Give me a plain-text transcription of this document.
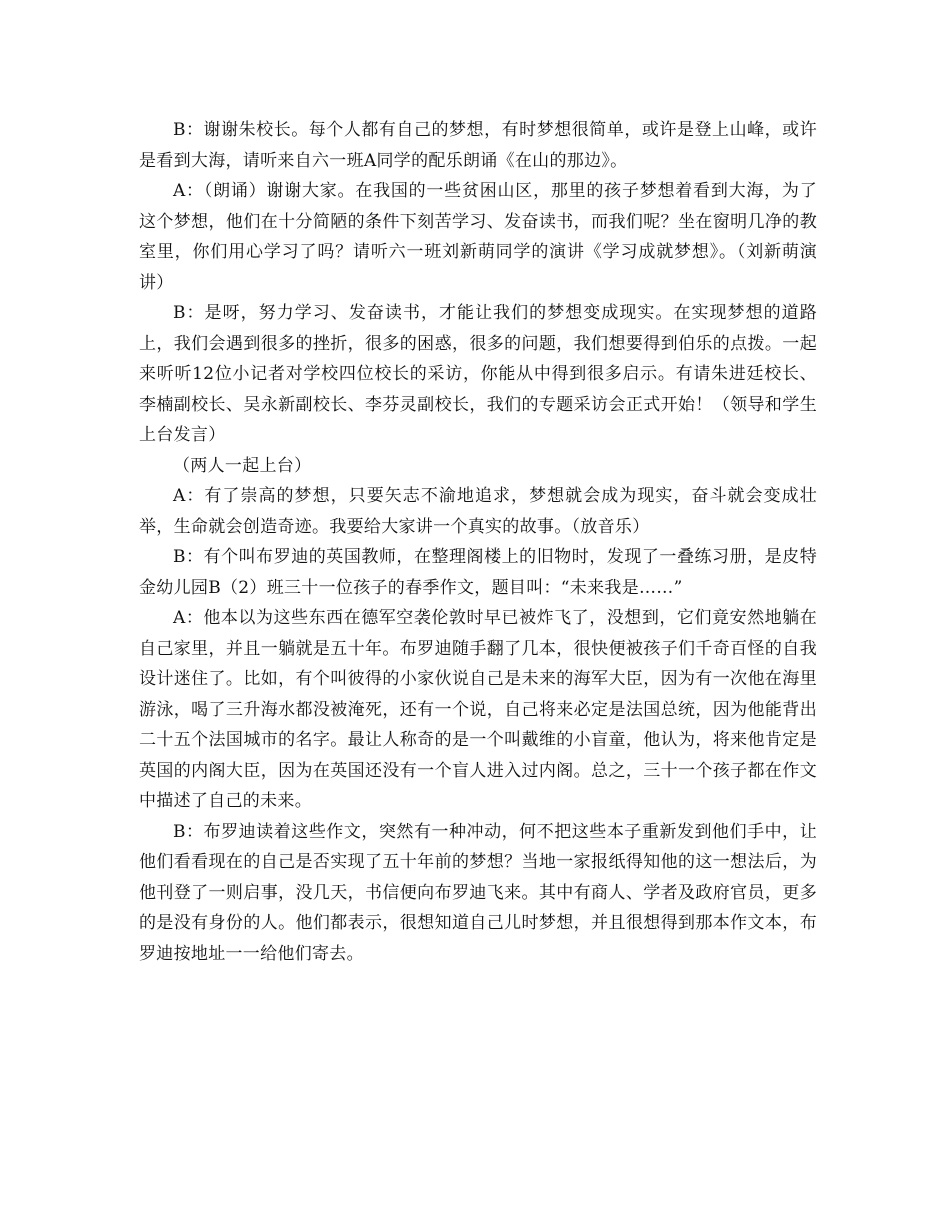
B：谢谢朱校长。每个人都有自己的梦想，有时梦想很简单，或许是登上山峰，或许是看到大海，请听来自六一班A同学的配乐朗诵《在山的那边》。

A：（朗诵）谢谢大家。在我国的一些贫困山区，那里的孩子梦想着看到大海，为了这个梦想，他们在十分简陋的条件下刻苦学习、发奋读书，而我们呢？坐在窗明几净的教室里，你们用心学习了吗？请听六一班刘新萌同学的演讲《学习成就梦想》。（刘新萌演讲）

B：是呀，努力学习、发奋读书，才能让我们的梦想变成现实。在实现梦想的道路上，我们会遇到很多的挫折，很多的困惑，很多的问题，我们想要得到伯乐的点拨。一起来听听12位小记者对学校四位校长的采访，你能从中得到很多启示。有请朱进廷校长、李楠副校长、吴永新副校长、李芬灵副校长，我们的专题采访会正式开始！（领导和学生上台发言）

（两人一起上台）

A：有了崇高的梦想，只要矢志不渝地追求，梦想就会成为现实，奋斗就会变成壮举，生命就会创造奇迹。我要给大家讲一个真实的故事。（放音乐）

B：有个叫布罗迪的英国教师，在整理阁楼上的旧物时，发现了一叠练习册，是皮特金幼儿园B（2）班三十一位孩子的春季作文，题目叫：“未来我是……”

A：他本以为这些东西在德军空袭伦敦时早已被炸飞了，没想到，它们竟安然地躺在自己家里，并且一躺就是五十年。布罗迪随手翻了几本，很快便被孩子们千奇百怪的自我设计迷住了。比如，有个叫彼得的小家伙说自己是未来的海军大臣，因为有一次他在海里游泳，喝了三升海水都没被淹死，还有一个说，自己将来必定是法国总统，因为他能背出二十五个法国城市的名字。最让人称奇的是一个叫戴维的小盲童，他认为，将来他肯定是英国的内阁大臣，因为在英国还没有一个盲人进入过内阁。总之，三十一个孩子都在作文中描述了自己的未来。

B：布罗迪读着这些作文，突然有一种冲动，何不把这些本子重新发到他们手中，让他们看看现在的自己是否实现了五十年前的梦想？当地一家报纸得知他的这一想法后，为他刊登了一则启事，没几天，书信便向布罗迪飞来。其中有商人、学者及政府官员，更多的是没有身份的人。他们都表示，很想知道自己儿时梦想，并且很想得到那本作文本，布罗迪按地址一一给他们寄去。
